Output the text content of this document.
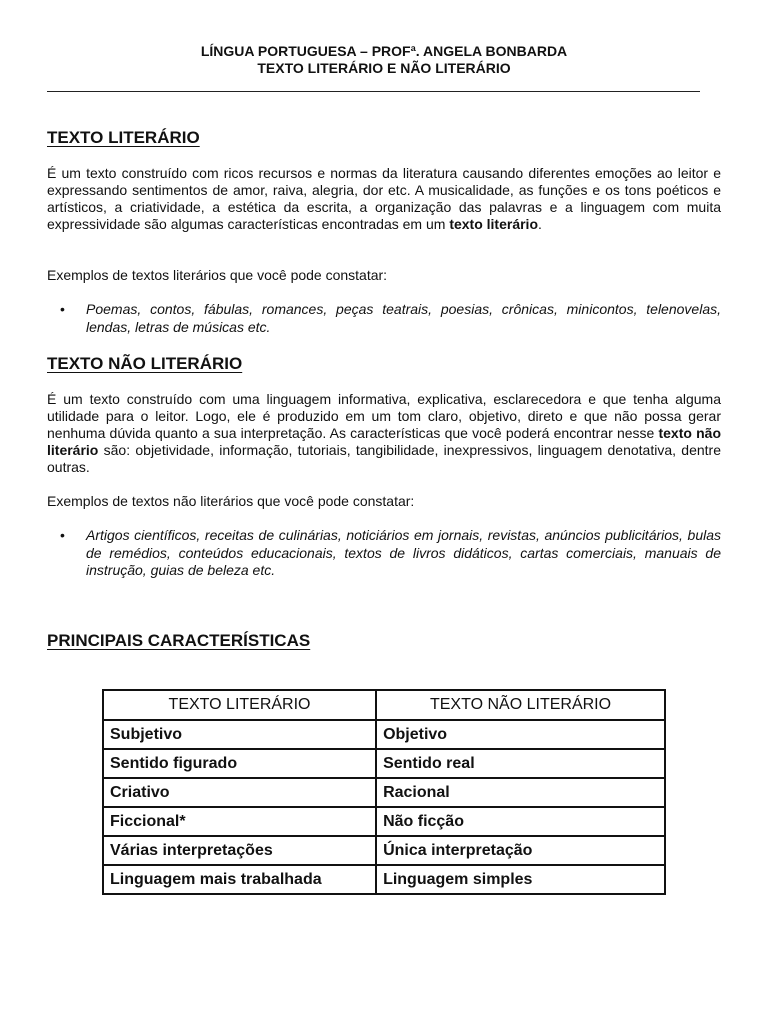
LÍNGUA PORTUGUESA – PROFª. ANGELA BONBARDA
TEXTO LITERÁRIO E NÃO LITERÁRIO
TEXTO LITERÁRIO

É um texto construído com ricos recursos e normas da literatura causando diferentes emoções ao leitor e expressando sentimentos de amor, raiva, alegria, dor etc. A musicalidade, as funções e os tons poéticos e artísticos, a criatividade, a estética da escrita, a organização das palavras e a linguagem com muita expressividade são algumas características encontradas em um texto literário.

Exemplos de textos literários que você pode constatar:

• Poemas, contos, fábulas, romances, peças teatrais, poesias, crônicas, minicontos, telenovelas, lendas, letras de músicas etc.
TEXTO NÃO LITERÁRIO

É um texto construído com uma linguagem informativa, explicativa, esclarecedora e que tenha alguma utilidade para o leitor. Logo, ele é produzido em um tom claro, objetivo, direto e que não possa gerar nenhuma dúvida quanto a sua interpretação. As características que você poderá encontrar nesse texto não literário são: objetividade, informação, tutoriais, tangibilidade, inexpressivos, linguagem denotativa, dentre outras.

Exemplos de textos não literários que você pode constatar:

• Artigos científicos, receitas de culinárias, noticiários em jornais, revistas, anúncios publicitários, bulas de remédios, conteúdos educacionais, textos de livros didáticos, cartas comerciais, manuais de instrução, guias de beleza etc.
PRINCIPAIS CARACTERÍSTICAS
TEXTO LITERÁRIO	TEXTO NÃO LITERÁRIO
Subjetivo	Objetivo
Sentido figurado	Sentido real
Criativo	Racional
Ficcional*	Não ficção
Várias interpretações	Única interpretação
Linguagem mais trabalhada	Linguagem simples
